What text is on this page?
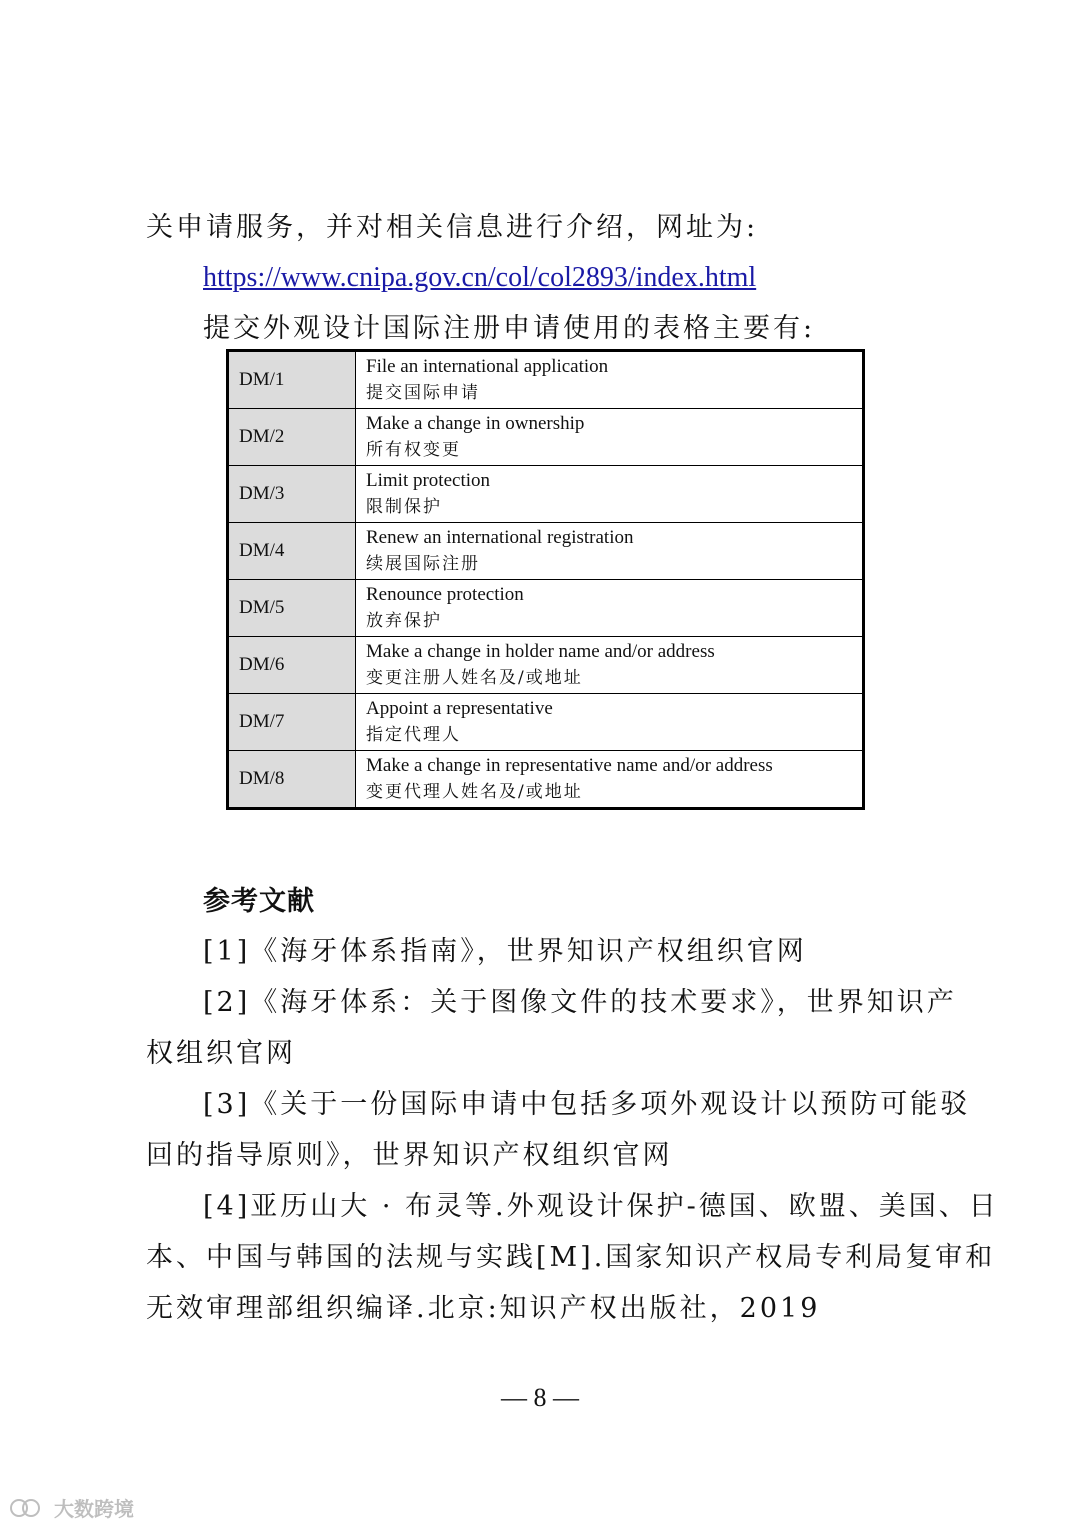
关申请服务，并对相关信息进行介绍，网址为:
https://www.cnipa.gov.cn/col/col2893/index.html
提交外观设计国际注册申请使用的表格主要有:
DM/1	File an international application
提交国际申请

DM/2	Make a change in ownership
所有权变更

DM/3	Limit protection
限制保护

DM/4	Renew an international registration
续展国际注册

DM/5	Renounce protection
放弃保护

DM/6	Make a change in holder name and/or address
变更注册人姓名及/或地址

DM/7	Appoint a representative
指定代理人

DM/8	Make a change in representative name and/or address
变更代理人姓名及/或地址
参考文献
[1]《海牙体系指南》，世界知识产权组织官网
[2]《海牙体系：关于图像文件的技术要求》，世界知识产
权组织官网
[3]《关于一份国际申请中包括多项外观设计以预防可能驳
回的指导原则》，世界知识产权组织官网
[4]亚历山大 · 布灵等.外观设计保护-德国、欧盟、美国、日
本、中国与韩国的法规与实践[M].国家知识产权局专利局复审和
无效审理部组织编译.北京:知识产权出版社，2019
— 8 —
大数跨境
